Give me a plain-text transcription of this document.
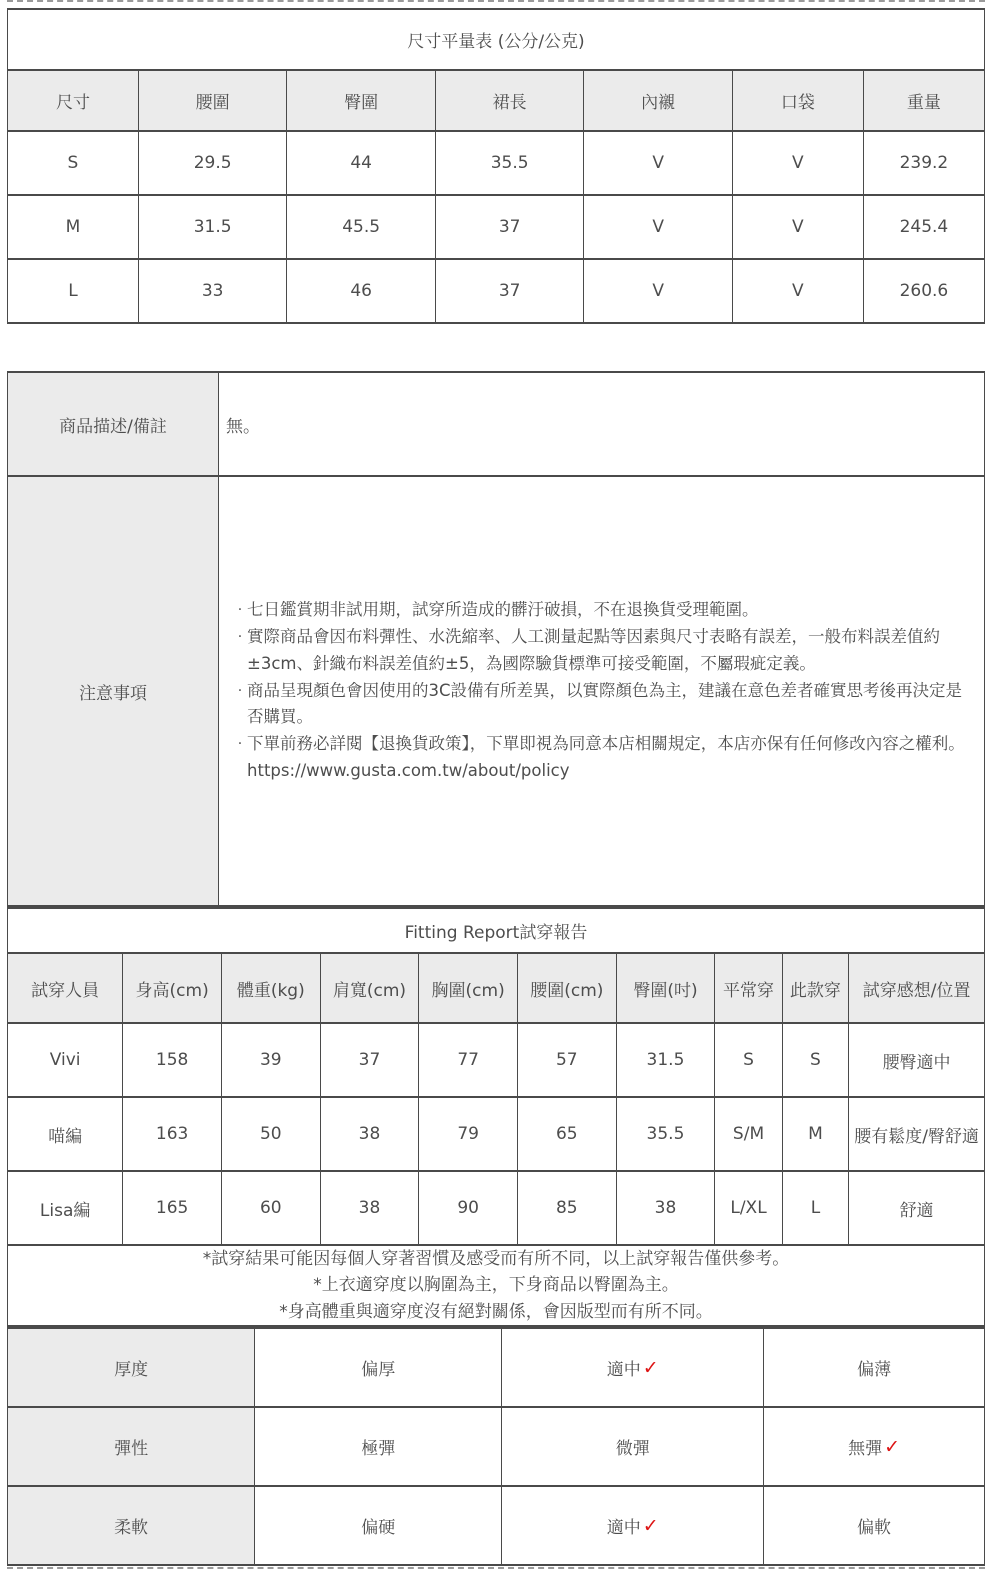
尺寸平量表 (公分/公克)						
尺寸	腰圍	臀圍	裙長	內襯	口袋	重量
S	29.5	44	35.5	V	V	239.2
M	31.5	45.5	37	V	V	245.4
L	33	46	37	V	V	260.6
商品描述/備註	無。
注意事項	
· 七日鑑賞期非試用期，試穿所造成的髒汙破損，不在退換貨受理範圍。
· 實際商品會因布料彈性、水洗縮率、人工測量起點等因素與尺寸表略有誤差，一般布料誤差值約±3cm、針織布料誤差值約±5，為國際驗貨標準可接受範圍，不屬瑕疵定義。
· 商品呈現顏色會因使用的3C設備有所差異，以實際顏色為主，建議在意色差者確實思考後再決定是否購買。
· 下單前務必詳閱【退換貨政策】，下單即視為同意本店相關規定，本店亦保有任何修改內容之權利。https://www.gusta.com.tw/about/policy
Fitting Report試穿報告									
試穿人員	身高(cm)	體重(kg)	肩寬(cm)	胸圍(cm)	腰圍(cm)	臀圍(吋)	平常穿	此款穿	試穿感想/位置
Vivi	158	39	37	77	57	31.5	S	S	腰臀適中
喵編	163	50	38	79	65	35.5	S/M	M	腰有鬆度/臀舒適
Lisa編	165	60	38	90	85	38	L/XL	L	舒適

*試穿結果可能因每個人穿著習慣及感受而有所不同，以上試穿報告僅供參考。
*上衣適穿度以胸圍為主，下身商品以臀圍為主。
*身高體重與適穿度沒有絕對關係，會因版型而有所不同。									
厚度	偏厚	適中 ✓	偏薄
彈性	極彈	微彈	無彈 ✓
柔軟	偏硬	適中 ✓	偏軟
